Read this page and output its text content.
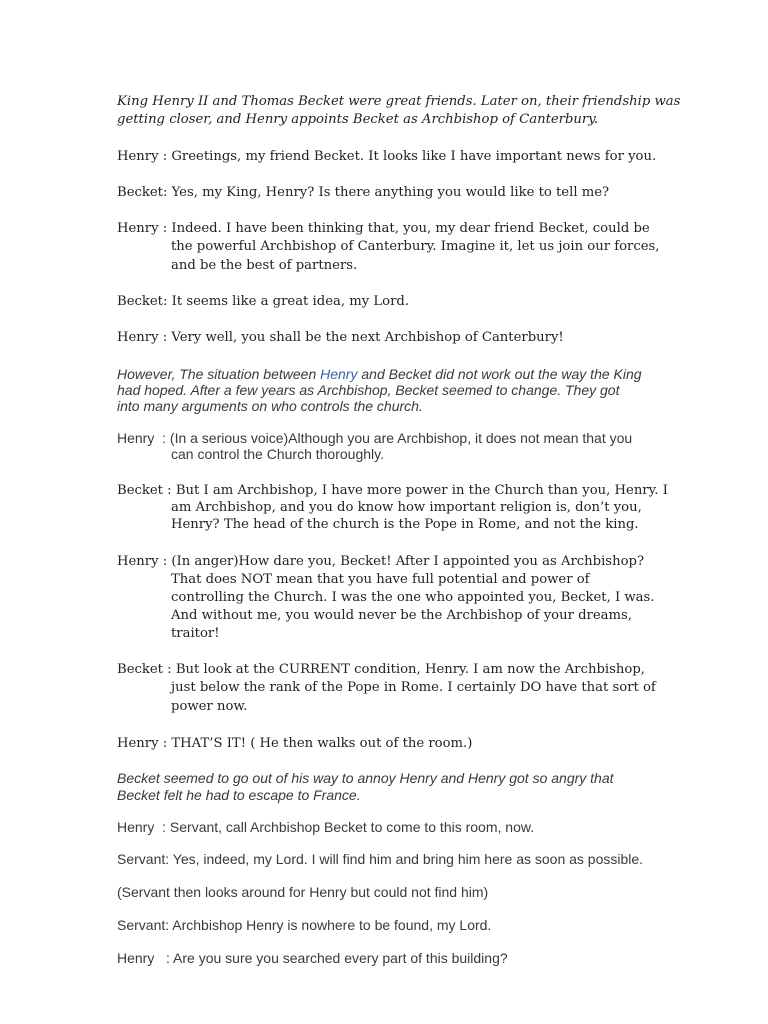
King Henry II and Thomas Becket were great friends. Later on, their friendship was

getting closer, and Henry appoints Becket as Archbishop of Canterbury.

Henry : Greetings, my friend Becket. It looks like I have important news for you.

Becket: Yes, my King, Henry? Is there anything you would like to tell me?

Henry : Indeed. I have been thinking that, you, my dear friend Becket, could be

the powerful Archbishop of Canterbury. Imagine it, let us join our forces,

and be the best of partners.

Becket: It seems like a great idea, my Lord.

Henry : Very well, you shall be the next Archbishop of Canterbury!

However, The situation between Henry and Becket did not work out the way the King

had hoped. After a few years as Archbishop, Becket seemed to change. They got

into many arguments on who controls the church.

Henry  : (In a serious voice)Although you are Archbishop, it does not mean that you

can control the Church thoroughly.

Becket : But I am Archbishop, I have more power in the Church than you, Henry. I

am Archbishop, and you do know how important religion is, don’t you,

Henry? The head of the church is the Pope in Rome, and not the king.

Henry : (In anger)How dare you, Becket! After I appointed you as Archbishop?

That does NOT mean that you have full potential and power of

controlling the Church. I was the one who appointed you, Becket, I was.

And without me, you would never be the Archbishop of your dreams,

traitor!

Becket : But look at the CURRENT condition, Henry. I am now the Archbishop,

just below the rank of the Pope in Rome. I certainly DO have that sort of

power now.

Henry : THAT’S IT! ( He then walks out of the room.)

Becket seemed to go out of his way to annoy Henry and Henry got so angry that

Becket felt he had to escape to France.

Henry  : Servant, call Archbishop Becket to come to this room, now.

Servant: Yes, indeed, my Lord. I will find him and bring him here as soon as possible.

(Servant then looks around for Henry but could not find him)

Servant: Archbishop Henry is nowhere to be found, my Lord.

Henry   : Are you sure you searched every part of this building?
